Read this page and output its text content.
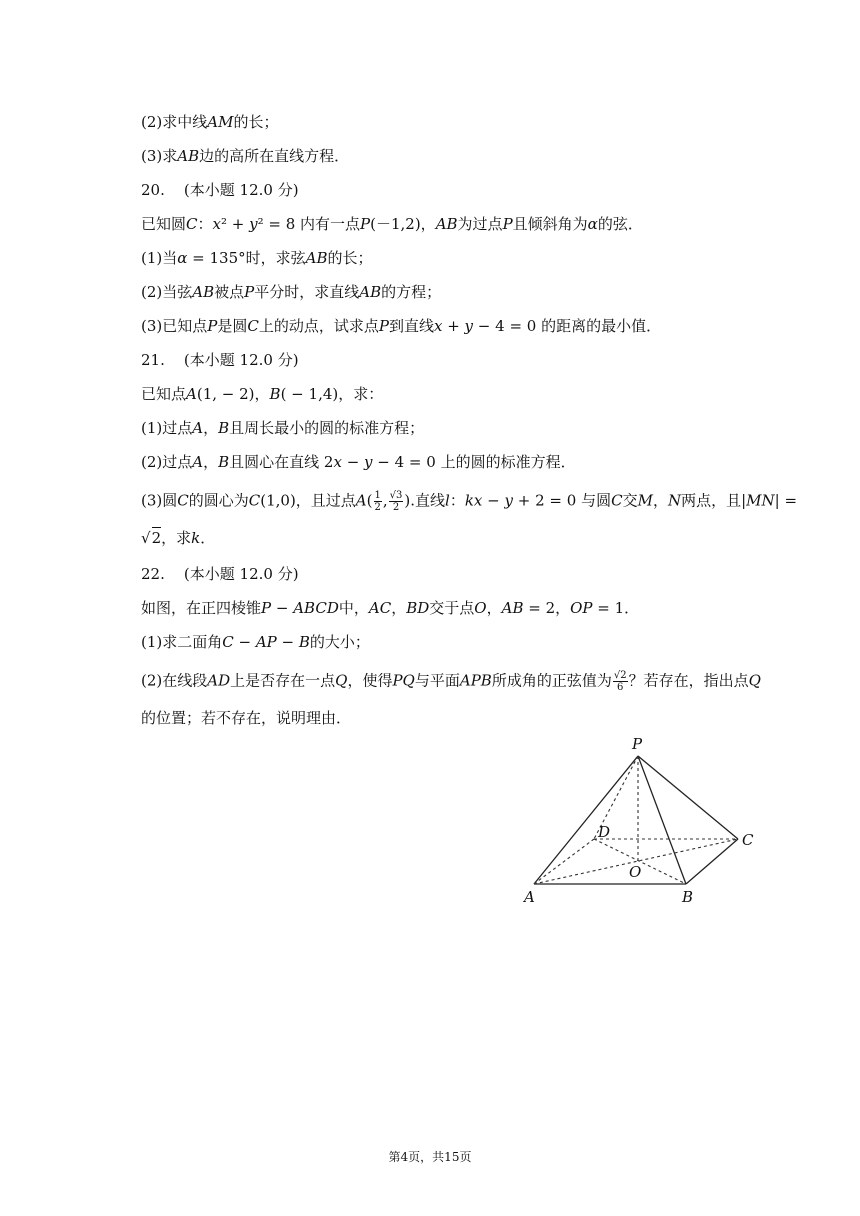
(2)求中线AM的长；
(3)求AB边的高所在直线方程．
20.    (本小题 12.0 分)
已知圆C：x² + y² = 8 内有一点P(－1,2)，AB为过点P且倾斜角为α的弦．
(1)当α = 135°时，求弦AB的长；
(2)当弦AB被点P平分时，求直线AB的方程；
(3)已知点P是圆C上的动点，试求点P到直线x + y − 4 = 0 的距离的最小值．
21.    (本小题 12.0 分)
已知点A(1, − 2)，B( − 1,4)，求：
(1)过点A，B且周长最小的圆的标准方程；
(2)过点A，B且圆心在直线 2x − y − 4 = 0 上的圆的标准方程．
(3)圆C的圆心为C(1,0)，且过点$A( \frac{1}{2}$ , $\frac{√3}{2}$ ).直线l：kx − y + 2 = 0 与圆C交M，N两点，且|MN| =
√2，求k．
22.    (本小题 12.0 分)
如图，在正四棱锥P − ABCD中，AC，BD交于点O，AB = 2，OP = 1．
(1)求二面角C − AP − B的大小；
(2)在线段AD上是否存在一点Q，使得PQ与平面APB所成角的正弦值为 $\frac{√2}{6}$ ？若存在，指出点Q
的位置；若不存在，说明理由．
P
A	B
C
D
O
第4页，共15页
